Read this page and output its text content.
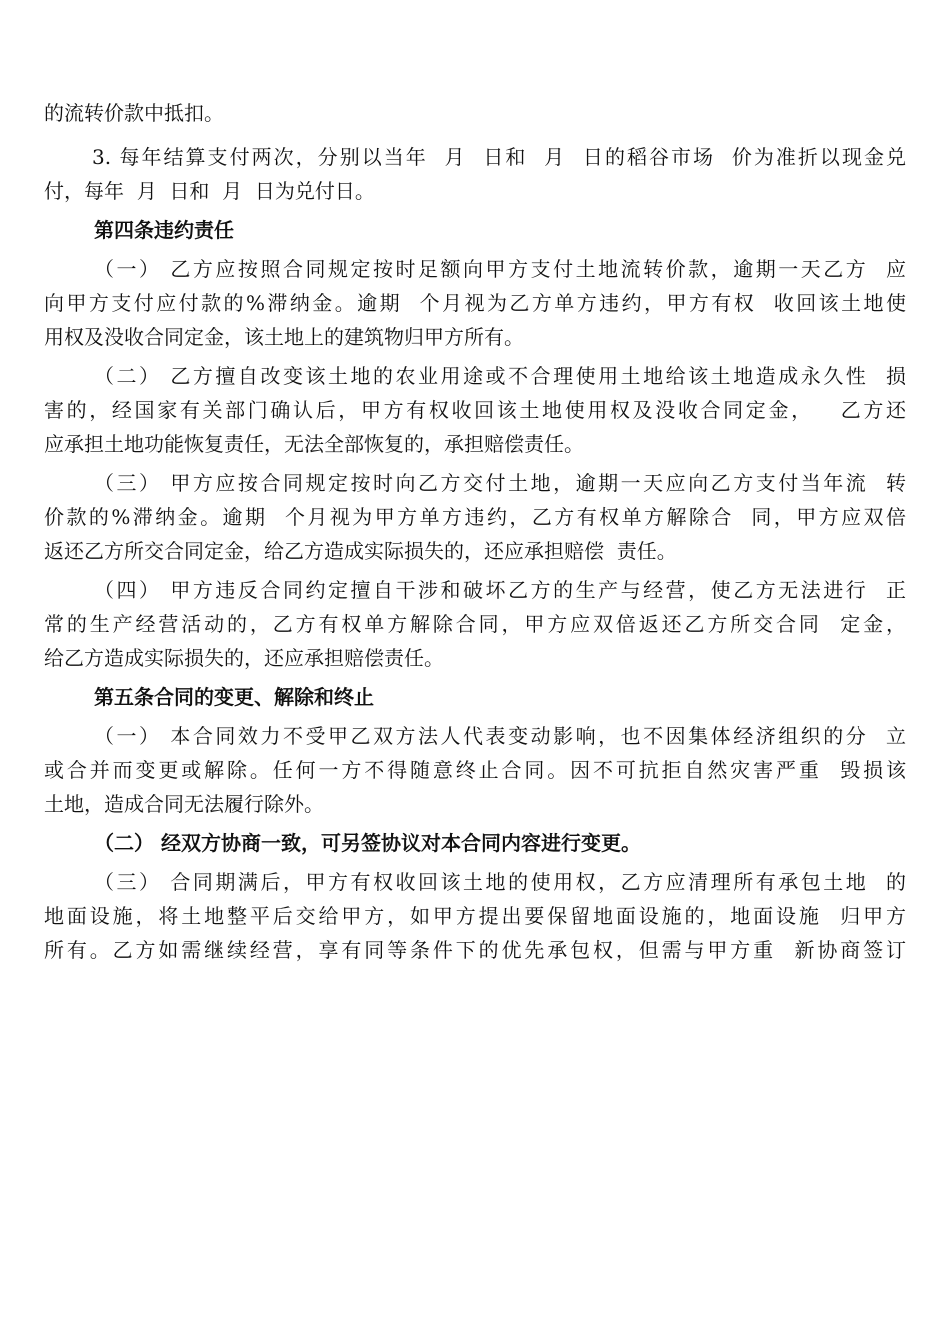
的流转价款中抵扣。
3. 每年结算支付两次，分别以当年  月  日和  月  日的稻谷市场  价为准折以现金兑
付，每年  月  日和  月  日为兑付日。
第四条违约责任
（一） 乙方应按照合同规定按时足额向甲方支付土地流转价款，逾期一天乙方  应
向甲方支付应付款的%滞纳金。逾期  个月视为乙方单方违约，甲方有权  收回该土地使
用权及没收合同定金，该土地上的建筑物归甲方所有。
（二） 乙方擅自改变该土地的农业用途或不合理使用土地给该土地造成永久性  损
害的，经国家有关部门确认后，甲方有权收回该土地使用权及没收合同定金，   乙方还
应承担土地功能恢复责任，无法全部恢复的，承担赔偿责任。
（三） 甲方应按合同规定按时向乙方交付土地，逾期一天应向乙方支付当年流  转
价款的%滞纳金。逾期  个月视为甲方单方违约，乙方有权单方解除合  同，甲方应双倍
返还乙方所交合同定金，给乙方造成实际损失的，还应承担赔偿  责任。
（四） 甲方违反合同约定擅自干涉和破坏乙方的生产与经营，使乙方无法进行  正
常的生产经营活动的，乙方有权单方解除合同，甲方应双倍返还乙方所交合同  定金，
给乙方造成实际损失的，还应承担赔偿责任。
第五条合同的变更、解除和终止
（一） 本合同效力不受甲乙双方法人代表变动影响，也不因集体经济组织的分  立
或合并而变更或解除。任何一方不得随意终止合同。因不可抗拒自然灾害严重  毁损该
土地，造成合同无法履行除外。
（二） 经双方协商一致，可另签协议对本合同内容进行变更。
（三） 合同期满后，甲方有权收回该土地的使用权，乙方应清理所有承包土地  的
地面设施，将土地整平后交给甲方，如甲方提出要保留地面设施的，地面设施  归甲方
所有。乙方如需继续经营，享有同等条件下的优先承包权，但需与甲方重  新协商签订
